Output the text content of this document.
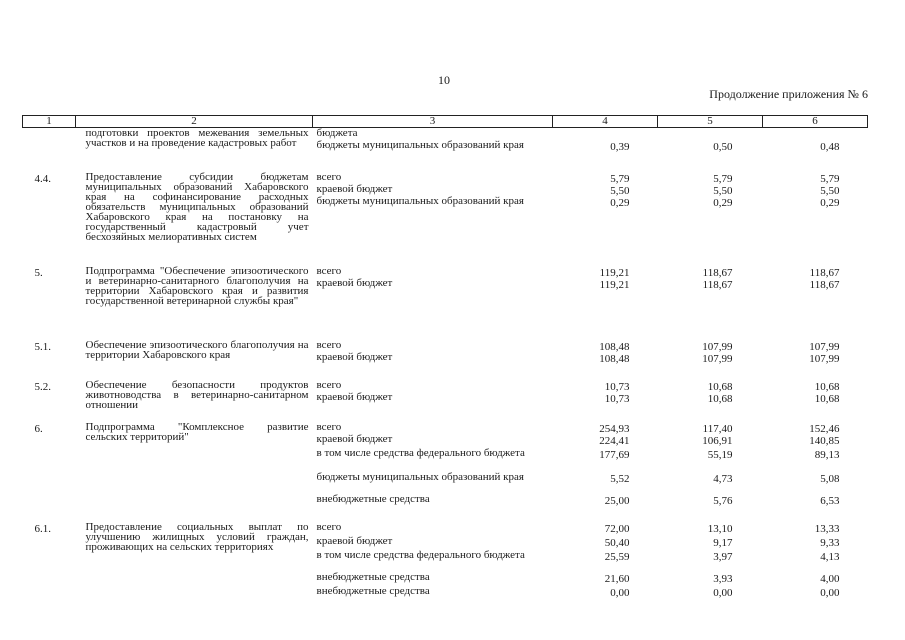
10
Продолжение приложения № 6
1	2	3	4	5	6
	подготовки проектов межевания земельных участков и на проведение кадастровых работ	бюджета			
		бюджеты муниципальных образований края	0,39	0,50	0,48
4.4.	Предоставление субсидии бюджетам муниципальных образований Хабаровского края на софинансирование расходных обязательств муниципальных образований Хабаровского края на постановку на государственный кадастровый учет бесхозяйных мелиоративных систем	всего	5,79	5,79	5,79
		краевой бюджет	5,50	5,50	5,50
		бюджеты муниципальных образований края	0,29	0,29	0,29
5.	Подпрограмма "Обеспечение эпизоотического и ветеринарно-санитарного благополучия на территории Хабаровского края и развития государственной ветеринарной службы края"	всего	119,21	118,67	118,67
		краевой бюджет	119,21	118,67	118,67
5.1.	Обеспечение эпизоотического благополучия на территории Хабаровского края	всего	108,48	107,99	107,99
		краевой бюджет	108,48	107,99	107,99
5.2.	Обеспечение безопасности продуктов животноводства в ветеринарно-санитарном отношении	всего	10,73	10,68	10,68
		краевой бюджет	10,73	10,68	10,68
6.	Подпрограмма "Комплексное развитие сельских территорий"	всего	254,93	117,40	152,46
		краевой бюджет	224,41	106,91	140,85
		в том числе средства федерального бюджета	177,69	55,19	89,13
		бюджеты муниципальных образований края	5,52	4,73	5,08
		внебюджетные средства	25,00	5,76	6,53
6.1.	Предоставление социальных выплат по улучшению жилищных условий граждан, проживающих на сельских территориях	всего	72,00	13,10	13,33
		краевой бюджет	50,40	9,17	9,33
		в том числе средства федерального бюджета	25,59	3,97	4,13
		внебюджетные средства	21,60	3,93	4,00
		внебюджетные средства	0,00	0,00	0,00
